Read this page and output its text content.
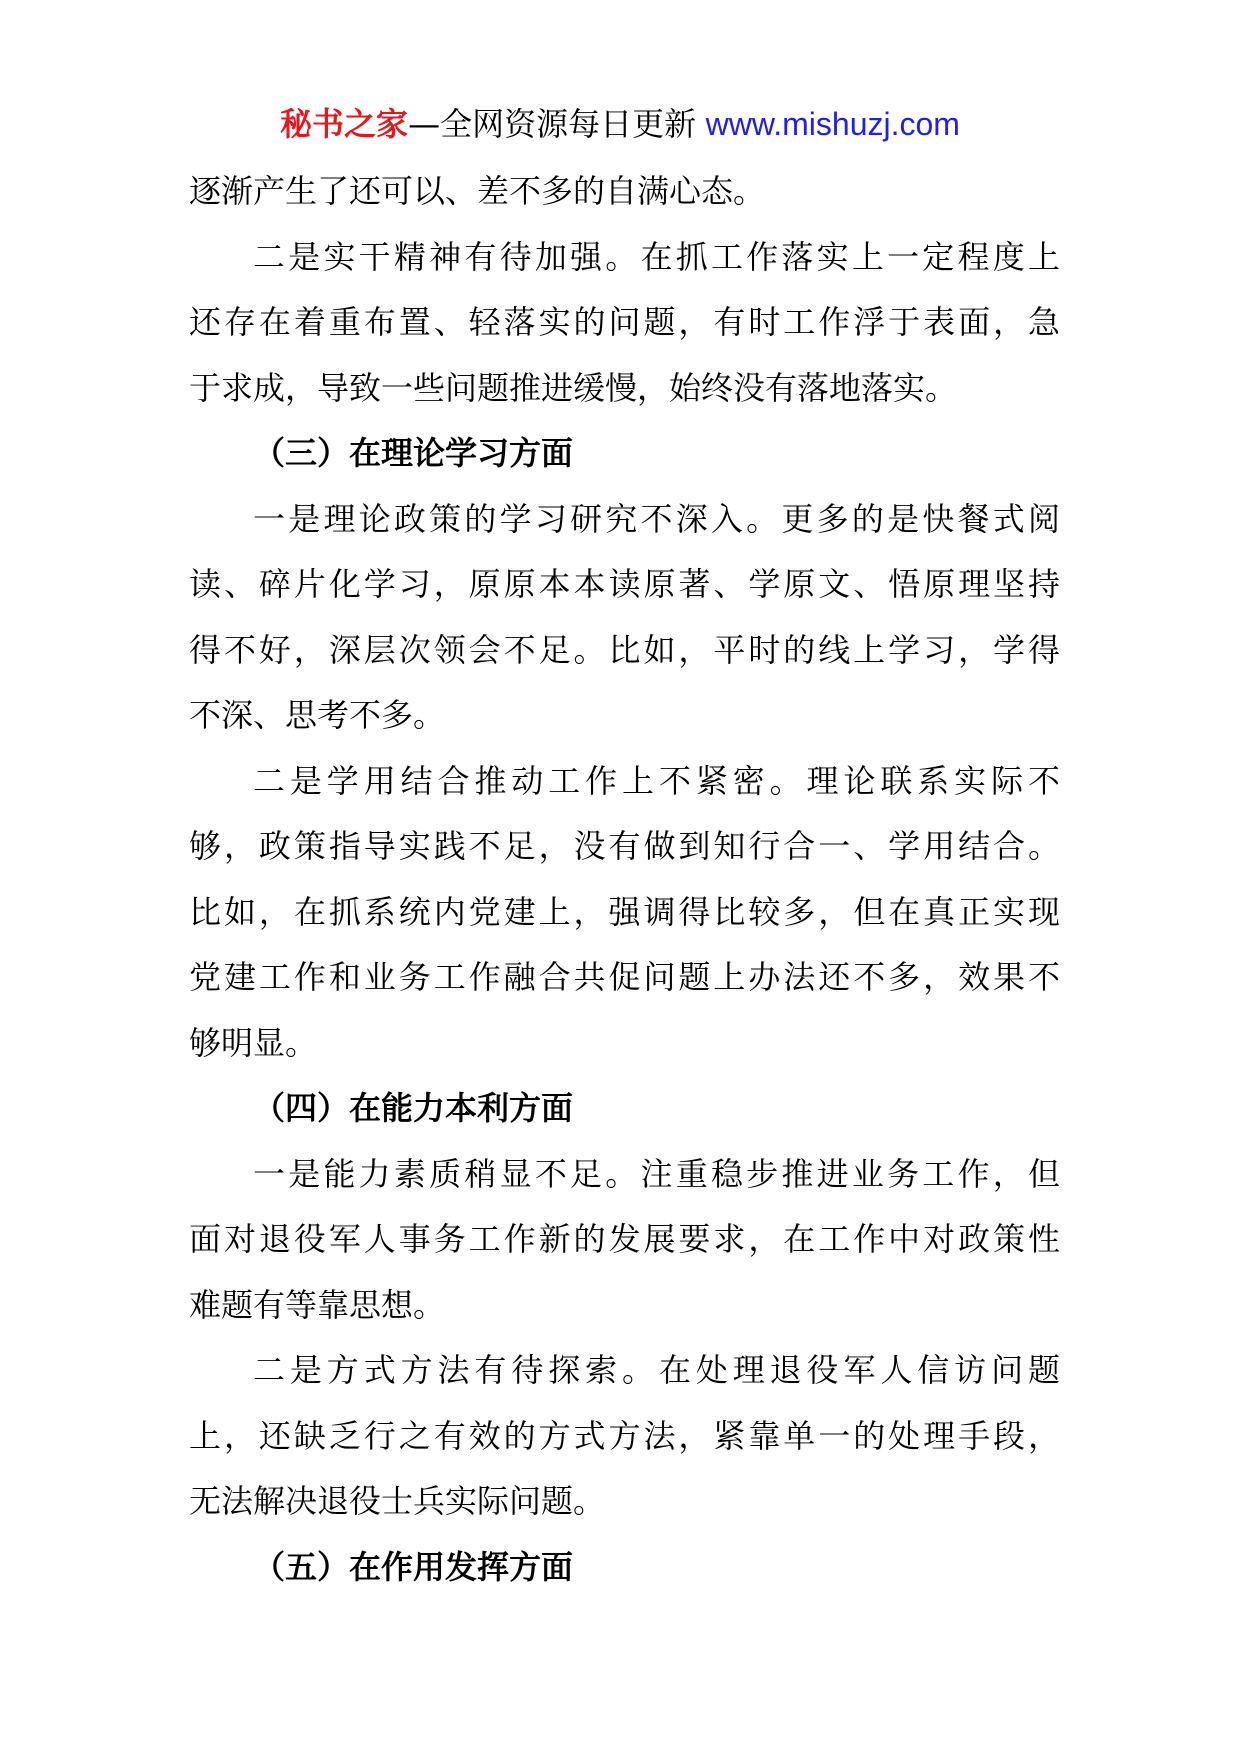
秘书之家—全网资源每日更新 www.mishuzj.com
逐渐产生了还可以、差不多的自满心态。
二是实干精神有待加强。在抓工作落实上一定程度上
还存在着重布置、轻落实的问题，有时工作浮于表面，急
于求成，导致一些问题推进缓慢，始终没有落地落实。
（三）在理论学习方面
一是理论政策的学习研究不深入。更多的是快餐式阅
读、碎片化学习，原原本本读原著、学原文、悟原理坚持
得不好，深层次领会不足。比如，平时的线上学习，学得
不深、思考不多。
二是学用结合推动工作上不紧密。理论联系实际不
够，政策指导实践不足，没有做到知行合一、学用结合。
比如，在抓系统内党建上，强调得比较多，但在真正实现
党建工作和业务工作融合共促问题上办法还不多，效果不
够明显。
（四）在能力本利方面
一是能力素质稍显不足。注重稳步推进业务工作，但
面对退役军人事务工作新的发展要求，在工作中对政策性
难题有等靠思想。
二是方式方法有待探索。在处理退役军人信访问题
上，还缺乏行之有效的方式方法，紧靠单一的处理手段，
无法解决退役士兵实际问题。
（五）在作用发挥方面
